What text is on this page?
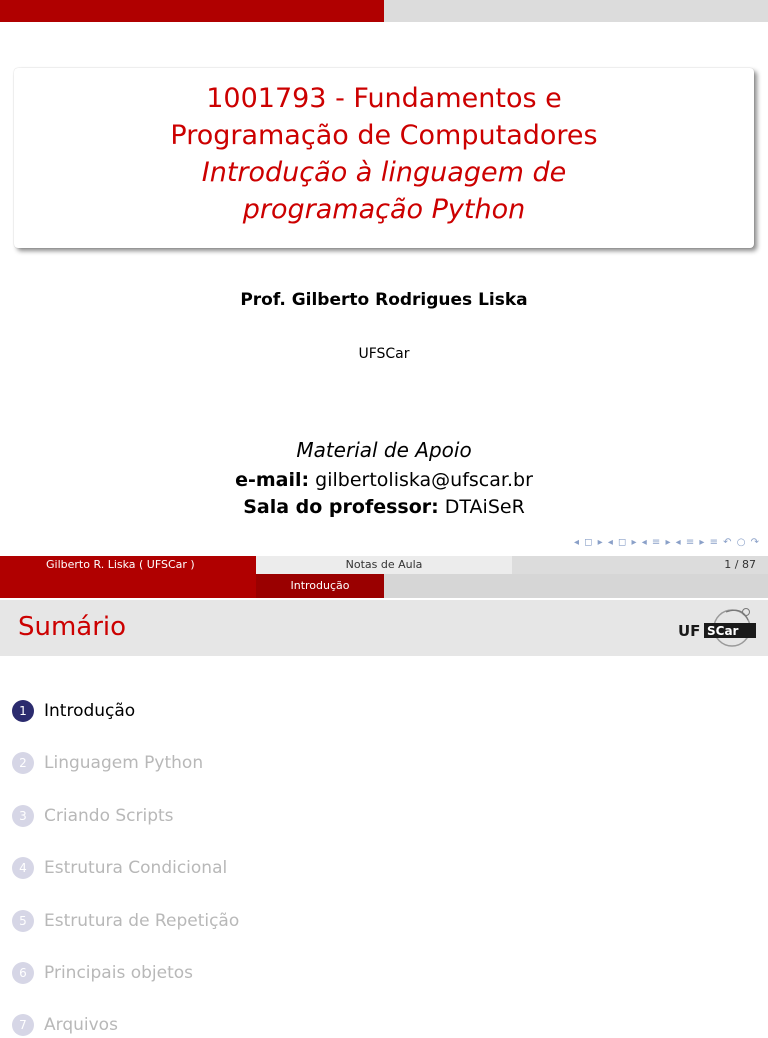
1001793 - Fundamentos e
Programação de Computadores
Introdução à linguagem de
programação Python
Prof. Gilberto Rodrigues Liska
UFSCar
Material de Apoio
e-mail: gilbertoliska@ufscar.br
Sala do professor: DTAiSeR
◂ ◻ ▸ ◂ ◻ ▸ ◂ ≡ ▸ ◂ ≡ ▸ ≡ ↶ ○ ↷
Gilberto R. Liska ( UFSCar )	Notas de Aula	1 / 87
Introdução
Sumário	UF SCar
1 Introdução
2 Linguagem Python
3 Criando Scripts
4 Estrutura Condicional
5 Estrutura de Repetição
6 Principais objetos
7 Arquivos
